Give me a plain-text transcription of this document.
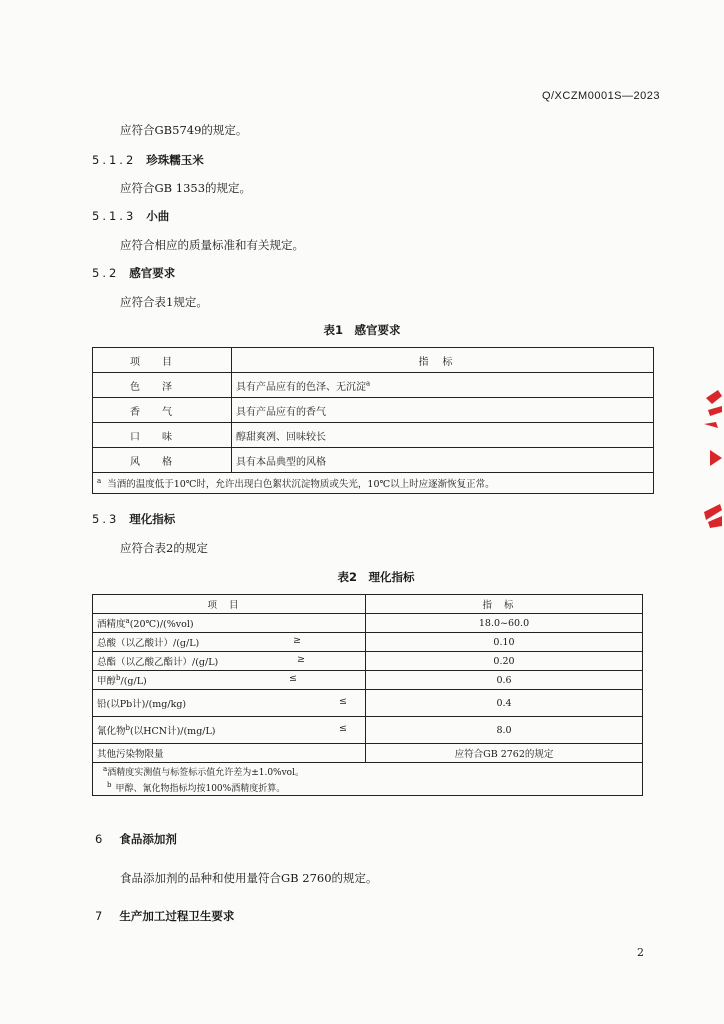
Q/XCZM0001S—2023
应符合GB5749的规定。
5.1.2 珍珠糯玉米
应符合GB 1353的规定。
5.1.3 小曲
应符合相应的质量标准和有关规定。
5.2 感官要求
应符合表1规定。
表1　感官要求
项目	指标
色泽	具有产品应有的色泽、无沉淀$^a$
香气	具有产品应有的香气
口味	醇甜爽冽、回味较长
风格	具有本品典型的风格
$^a$ 当酒的温度低于10℃时，允许出现白色絮状沉淀物质或失光，10℃以上时应逐渐恢复正常。	
5.3 理化指标
应符合表2的规定
表2　理化指标
项目	指标
酒精度$^a$(20℃)/(%vol)	18.0~60.0
总酸（以乙酸计）/(g/L) ≥	0.10
总酯（以乙酸乙酯计）/(g/L) ≥	0.20
甲醇$^b$/(g/L) ≤	0.6
铅(以Pb计)/(mg/kg) ≤	0.4
氰化物$^b$(以HCN计)/(mg/L) ≤	8.0
其他污染物限量	应符合GB 2762的规定
$^a$酒精度实测值与标签标示值允许差为±1.0%vol。	
$^b$ 甲醇、氰化物指标均按100%酒精度折算。	
6 食品添加剂
食品添加剂的品种和使用量符合GB 2760的规定。
7 生产加工过程卫生要求
2
